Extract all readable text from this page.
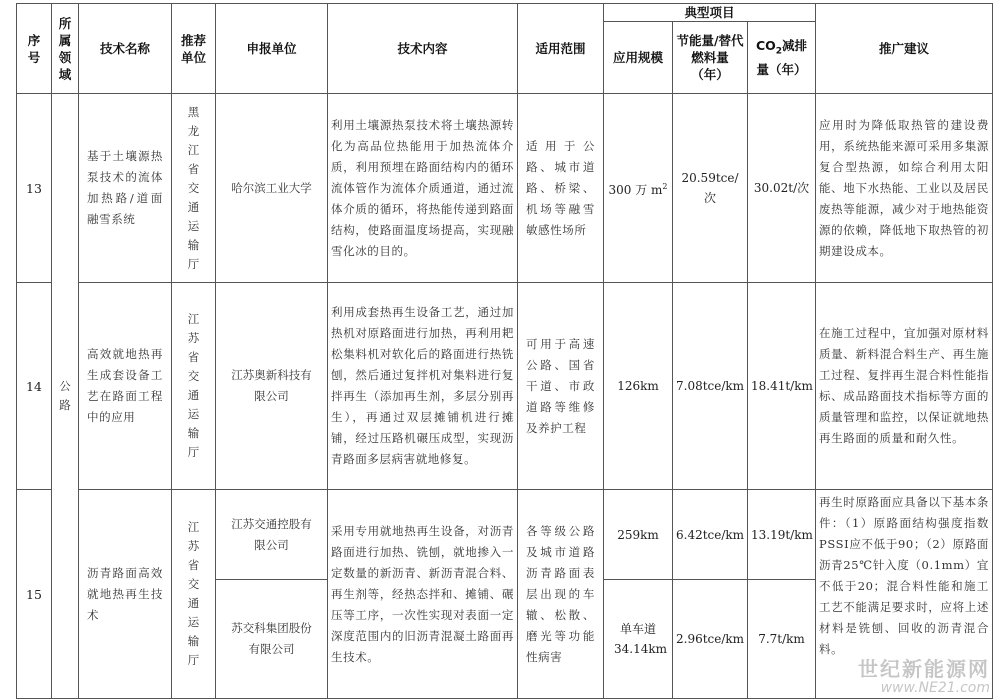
序号	所属领域	技术名称	推荐单位	申报单位	技术内容	适用范围	典型项目			推广建议
							应用规模	节能量/替代燃料量（年）	$CO_2$减排量（年）	
13	公路	基于土壤源热泵技术的流体加热路/道面融雪系统	黑龙江省交通运输厅	哈尔滨工业大学	利用土壤源热泵技术将土壤热源转化为高品位热能用于加热流体介质，利用预埋在路面结构内的循环流体管作为流体介质通道，通过流体介质的循环，将热能传递到路面结构，使路面温度场提高，实现融雪化冰的目的。	适用于公路、城市道路、桥梁、机场等融雪敏感性场所	300 万 $m^2$	20.59tce/次	30.02t/次	应用时为降低取热管的建设费用，系统热能来源可采用多集源复合型热源，如综合利用太阳能、地下水热能、工业以及居民废热等能源，减少对于地热能资源的依赖，降低地下取热管的初期建设成本。
14		高效就地热再生成套设备工艺在路面工程中的应用	江苏省交通运输厅	江苏奥新科技有限公司	利用成套热再生设备工艺，通过加热机对原路面进行加热，再利用耙松集料机对软化后的路面进行热铣刨，然后通过复拌机对集料进行复拌再生（添加再生剂，多层分别再生），再通过双层摊铺机进行摊铺，经过压路机碾压成型，实现沥青路面多层病害就地修复。	可用于高速公路、国省干道、市政道路等维修及养护工程	126km	7.08tce/km	18.41t/km	在施工过程中，宜加强对原材料质量、新料混合料生产、再生施工过程、复拌再生混合料性能指标、成品路面技术指标等方面的质量管理和监控，以保证就地热再生路面的质量和耐久性。
15		沥青路面高效就地热再生技术	江苏省交通运输厅	江苏交通控股有限公司	采用专用就地热再生设备，对沥青路面进行加热、铣刨，就地掺入一定数量的新沥青、新沥青混合料、再生剂等，经热态拌和、摊铺、碾压等工序，一次性实现对表面一定深度范围内的旧沥青混凝土路面再生技术。	各等级公路及城市道路沥青路面表层出现的车辙、松散、磨光等功能性病害	259km	6.42tce/km	13.19t/km	再生时原路面应具备以下基本条件：（1）原路面结构强度指数PSSI应不低于90；（2）原路面沥青25℃针入度（0.1mm）宜不低于20；混合料性能和施工工艺不能满足要求时，应将上述材料是铣刨、回收的沥青混合料。
				苏交科集团股份有限公司			单车道 34.14km	2.96tce/km	7.7t/km	
世纪新能源网
www.NE21.com
